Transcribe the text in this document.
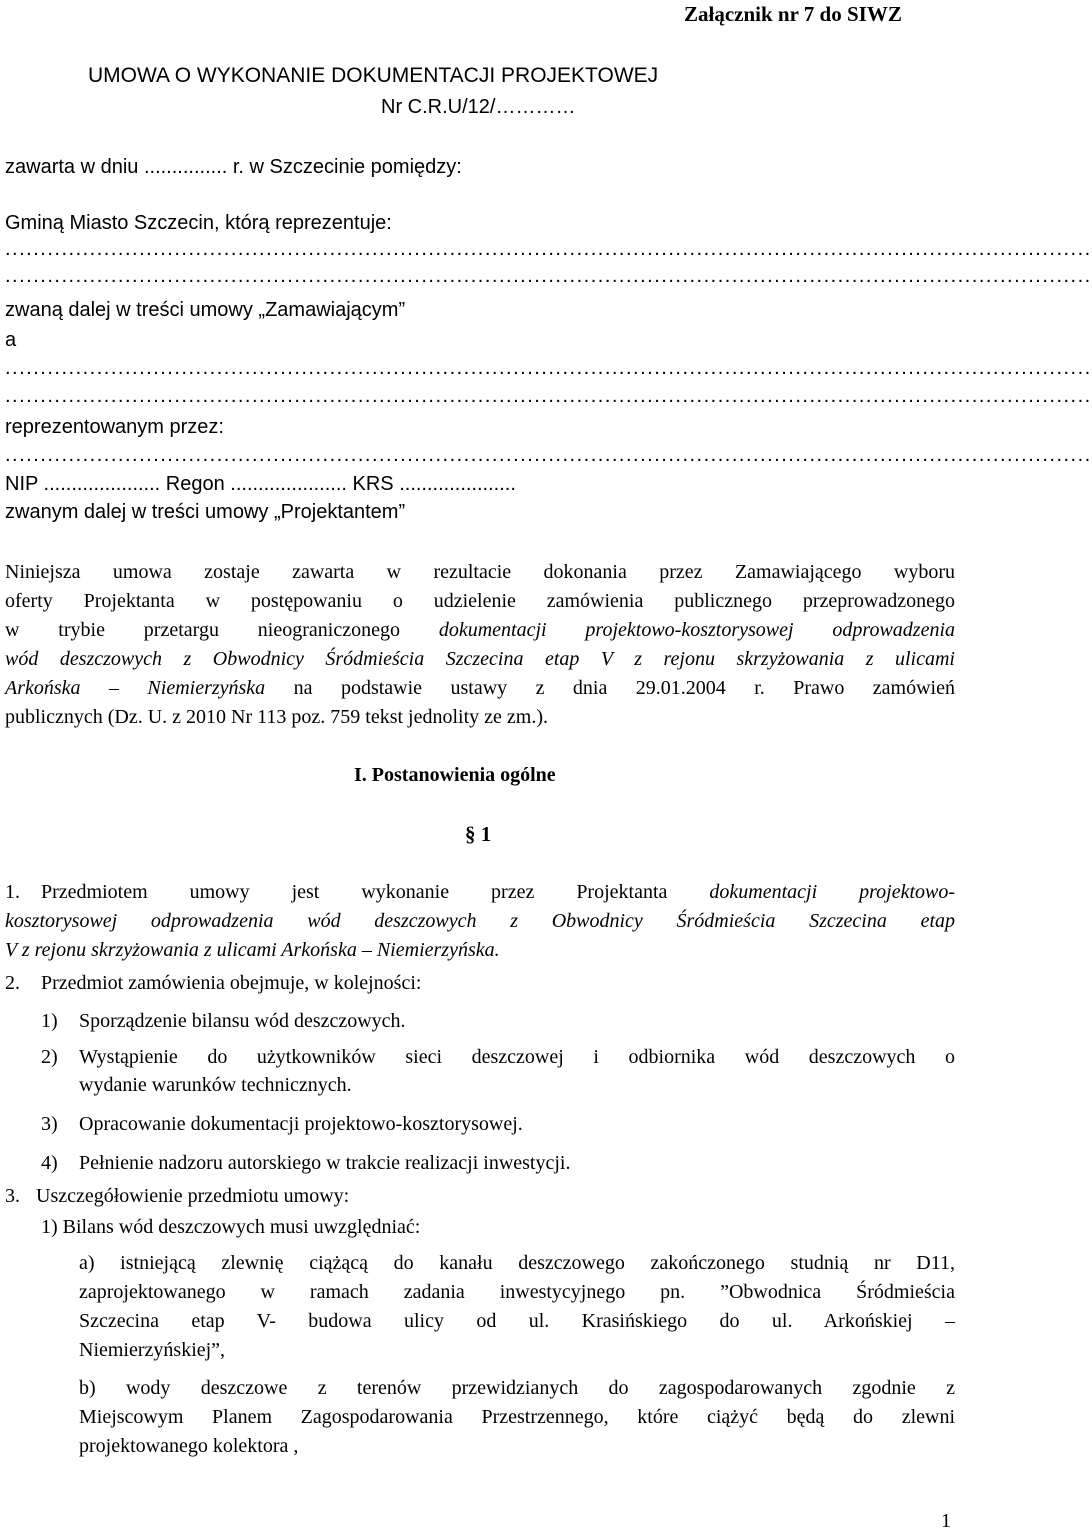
Załącznik nr 7 do SIWZ
UMOWA O WYKONANIE DOKUMENTACJI PROJEKTOWEJ
Nr C.R.U/12/…………
zawarta w dniu ............... r. w Szczecinie pomiędzy:
Gminą Miasto Szczecin, którą reprezentuje:
..........................................................................................................................................................
..........................................................................................................................................................
zwaną dalej w treści umowy „Zamawiającym”
a
..........................................................................................................................................................
..........................................................................................................................................................
reprezentowanym przez:
..........................................................................................................................................................
NIP ..................... Regon ..................... KRS .....................
zwanym dalej w treści umowy „Projektantem”
Niniejsza umowa zostaje zawarta w rezultacie dokonania przez Zamawiającego wyboru
oferty Projektanta w postępowaniu o udzielenie zamówienia publicznego przeprowadzonego
w trybie przetargu nieograniczonego dokumentacji projektowo-kosztorysowej odprowadzenia
wód deszczowych z Obwodnicy Śródmieścia Szczecina etap V z rejonu skrzyżowania z ulicami
Arkońska – Niemierzyńska na podstawie ustawy z dnia 29.01.2004 r. Prawo zamówień
publicznych (Dz. U. z 2010 Nr 113 poz. 759 tekst jednolity ze zm.).
I. Postanowienia ogólne
§ 1
1. Przedmiotem umowy jest wykonanie przez Projektanta dokumentacji projektowo-
kosztorysowej odprowadzenia wód deszczowych z Obwodnicy Śródmieścia Szczecina etap
V z rejonu skrzyżowania z ulicami Arkońska – Niemierzyńska.
2. Przedmiot zamówienia obejmuje, w kolejności:
1) Sporządzenie bilansu wód deszczowych.
2) Wystąpienie do użytkowników sieci deszczowej i odbiornika wód deszczowych o
wydanie warunków technicznych.
3) Opracowanie dokumentacji projektowo-kosztorysowej.
4) Pełnienie nadzoru autorskiego w trakcie realizacji inwestycji.
3. Uszczegółowienie przedmiotu umowy:
1) Bilans wód deszczowych musi uwzględniać:
a) istniejącą zlewnię ciążącą do kanału deszczowego zakończonego studnią nr D11,
zaprojektowanego w ramach zadania inwestycyjnego pn. ”Obwodnica Śródmieścia
Szczecina etap V- budowa ulicy od ul. Krasińskiego do ul. Arkońskiej –
Niemierzyńskiej”,
b) wody deszczowe z terenów przewidzianych do zagospodarowanych zgodnie z
Miejscowym Planem Zagospodarowania Przestrzennego, które ciążyć będą do zlewni
projektowanego kolektora ,
1
